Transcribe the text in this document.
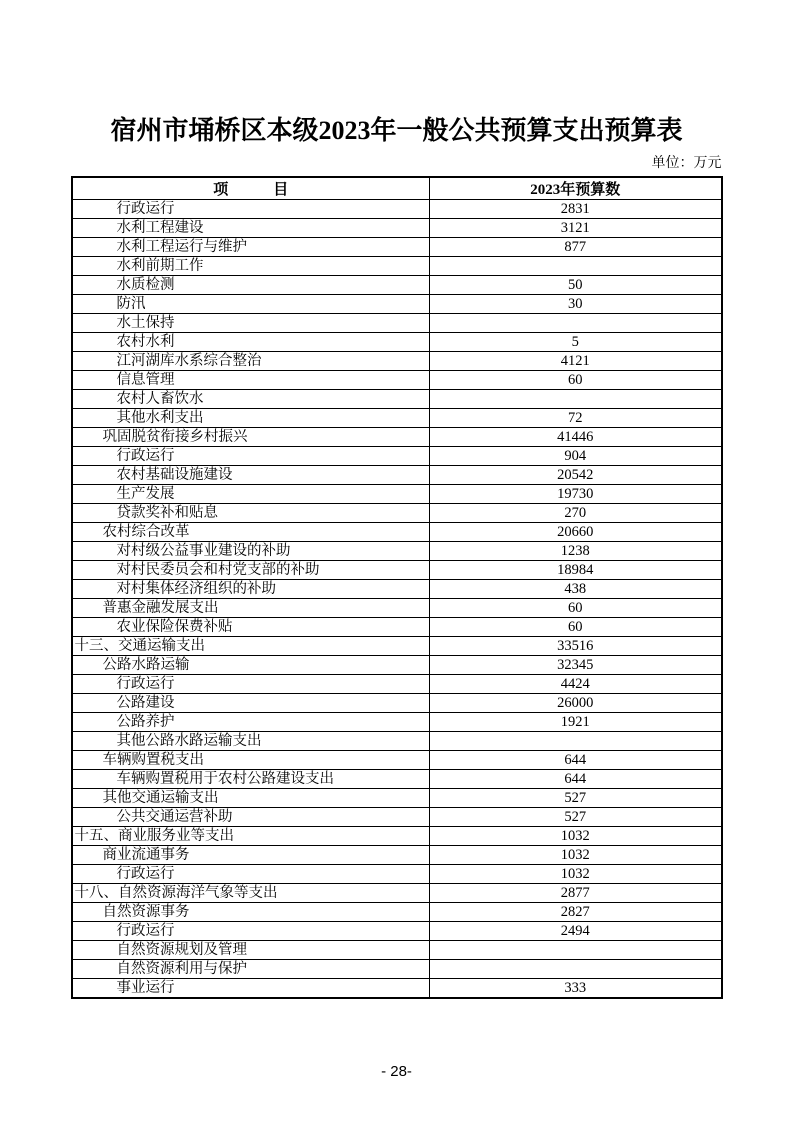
宿州市埇桥区本级2023年一般公共预算支出预算表
单位：万元
项　　　目	2023年预算数
行政运行	2831
水利工程建设	3121
水利工程运行与维护	877
水利前期工作	
水质检测	50
防汛	30
水土保持	
农村水利	5
江河湖库水系综合整治	4121
信息管理	60
农村人畜饮水	
其他水利支出	72
巩固脱贫衔接乡村振兴	41446
行政运行	904
农村基础设施建设	20542
生产发展	19730
贷款奖补和贴息	270
农村综合改革	20660
对村级公益事业建设的补助	1238
对村民委员会和村党支部的补助	18984
对村集体经济组织的补助	438
普惠金融发展支出	60
农业保险保费补贴	60
十三、交通运输支出	33516
公路水路运输	32345
行政运行	4424
公路建设	26000
公路养护	1921
其他公路水路运输支出	
车辆购置税支出	644
车辆购置税用于农村公路建设支出	644
其他交通运输支出	527
公共交通运营补助	527
十五、商业服务业等支出	1032
商业流通事务	1032
行政运行	1032
十八、自然资源海洋气象等支出	2877
自然资源事务	2827
行政运行	2494
自然资源规划及管理	
自然资源利用与保护	
事业运行	333
- 28-
